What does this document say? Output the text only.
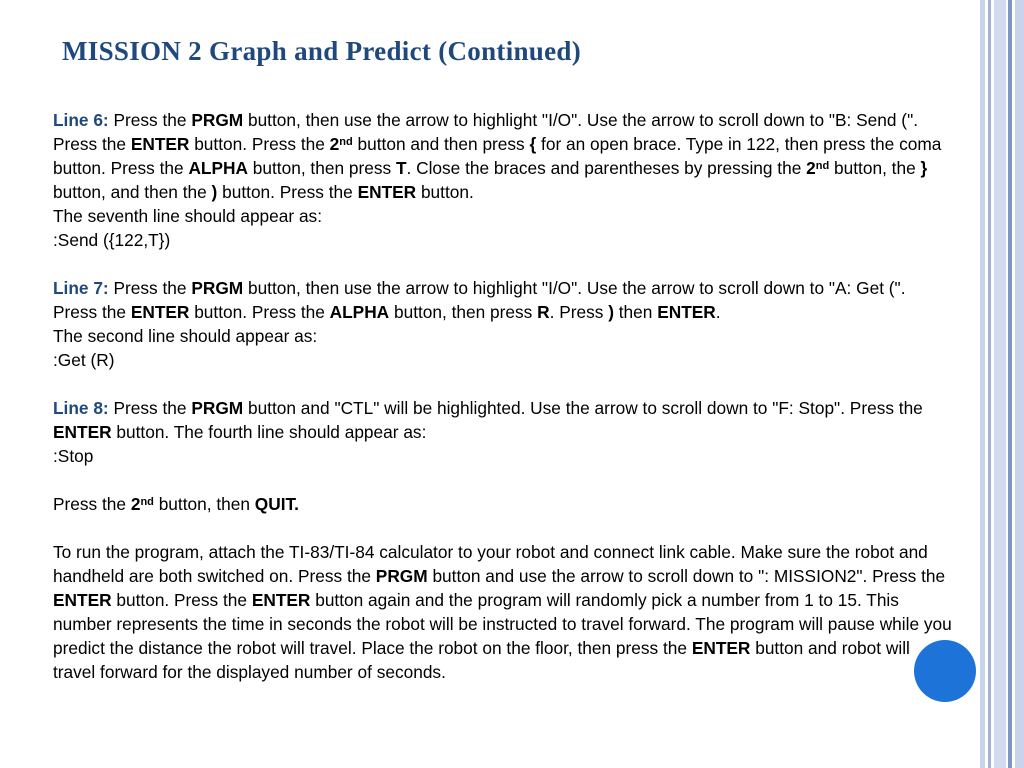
MISSION 2 Graph and Predict (Continued)

Line 6: Press the PRGM button, then use the arrow to highlight "I/O". Use the arrow to scroll down to "B: Send (". Press the ENTER button. Press the 2nd button and then press { for an open brace. Type in 122, then press the coma button. Press the ALPHA button, then press T. Close the braces and parentheses by pressing the 2nd button, the } button, and then the ) button. Press the ENTER button.

The seventh line should appear as:

:Send ({122,T})

Line 7: Press the PRGM button, then use the arrow to highlight "I/O". Use the arrow to scroll down to "A: Get (". Press the ENTER button. Press the ALPHA button, then press R. Press ) then ENTER.

The second line should appear as:

:Get (R)

Line 8: Press the PRGM button and "CTL" will be highlighted. Use the arrow to scroll down to "F: Stop". Press the ENTER button. The fourth line should appear as:

:Stop

Press the 2nd button, then QUIT.

To run the program, attach the TI-83/TI-84 calculator to your robot and connect link cable. Make sure the robot and handheld are both switched on. Press the PRGM button and use the arrow to scroll down to ": MISSION2". Press the ENTER button. Press the ENTER button again and the program will randomly pick a number from 1 to 15. This number represents the time in seconds the robot will be instructed to travel forward. The program will pause while you predict the distance the robot will travel. Place the robot on the floor, then press the ENTER button and robot will travel forward for the displayed number of seconds.
